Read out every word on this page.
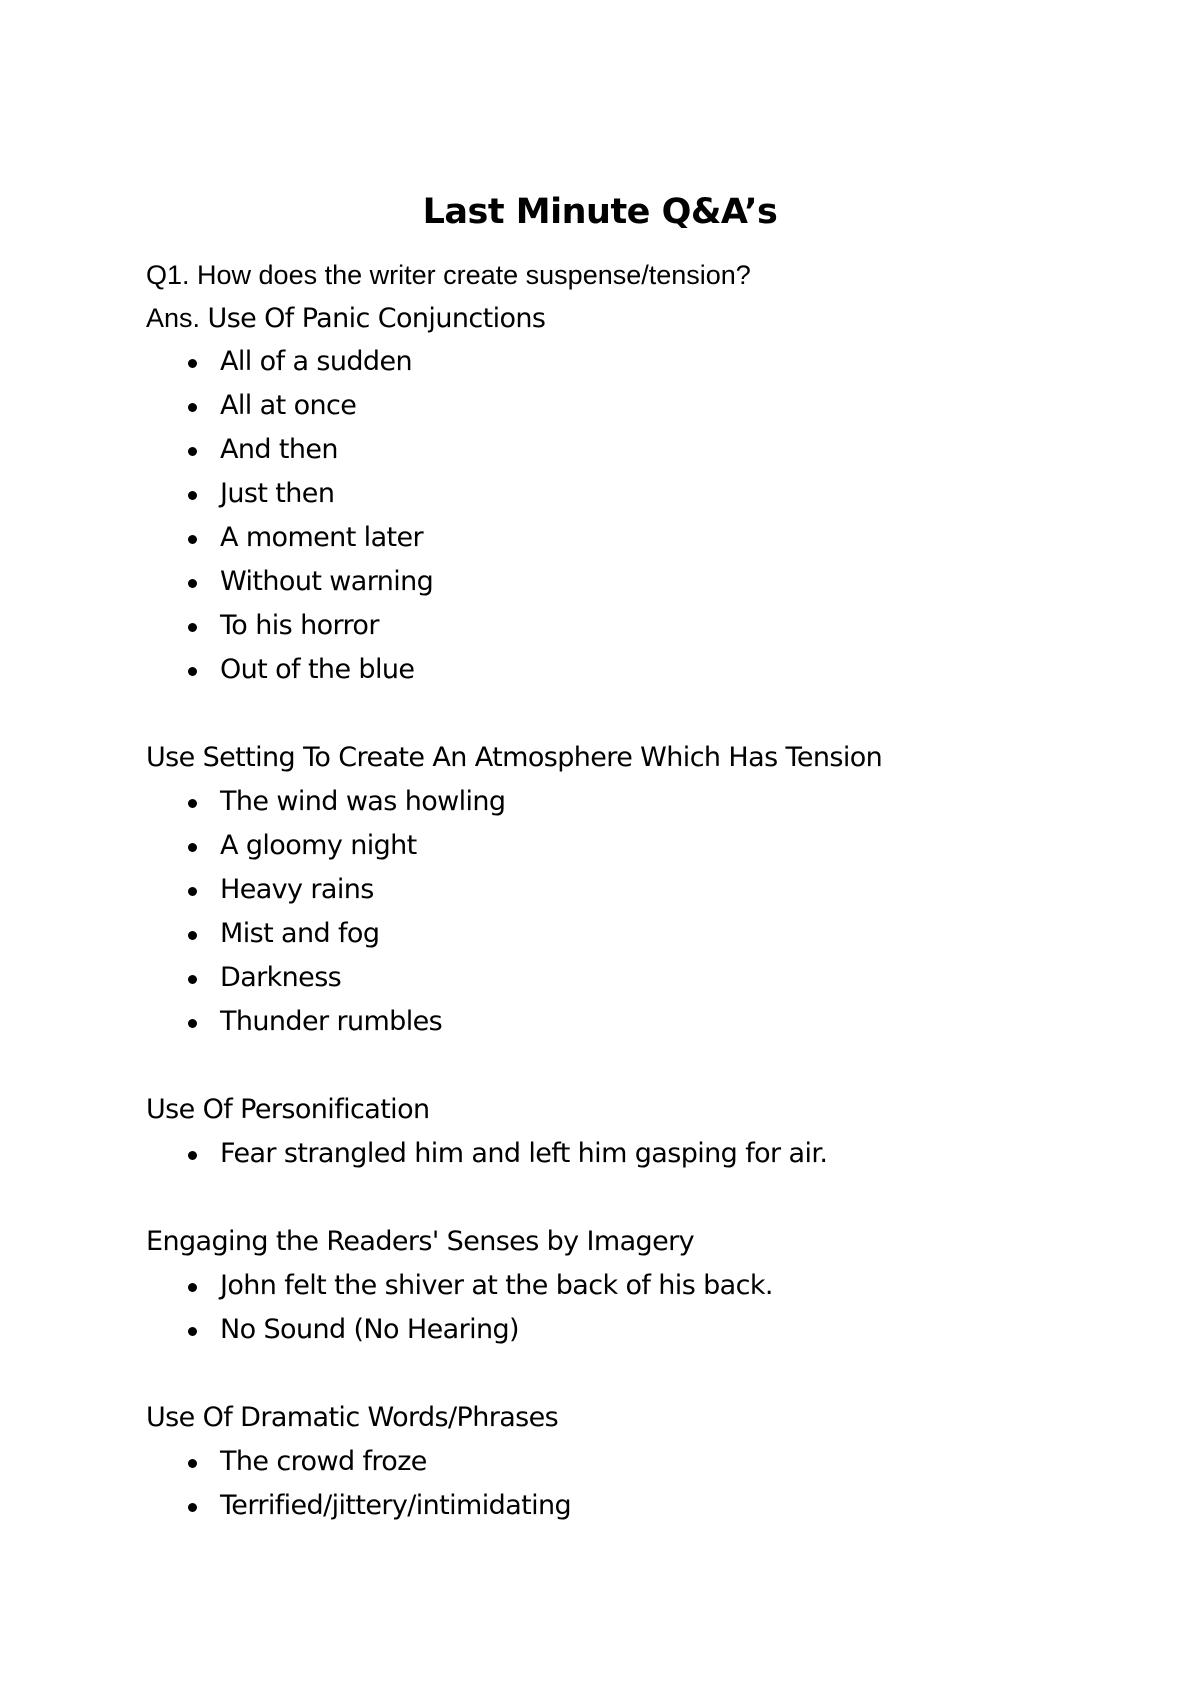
Last Minute Q&A’s
Q1. How does the writer create suspense/tension?
Ans. Use Of Panic Conjunctions
All of a sudden
All at once
And then
Just then
A moment later
Without warning
To his horror
Out of the blue
Use Setting To Create An Atmosphere Which Has Tension
The wind was howling
A gloomy night
Heavy rains
Mist and fog
Darkness
Thunder rumbles
Use Of Personification
Fear strangled him and left him gasping for air.
Engaging the Readers' Senses by Imagery
John felt the shiver at the back of his back.
No Sound (No Hearing)
Use Of Dramatic Words/Phrases
The crowd froze
Terrified/jittery/intimidating
